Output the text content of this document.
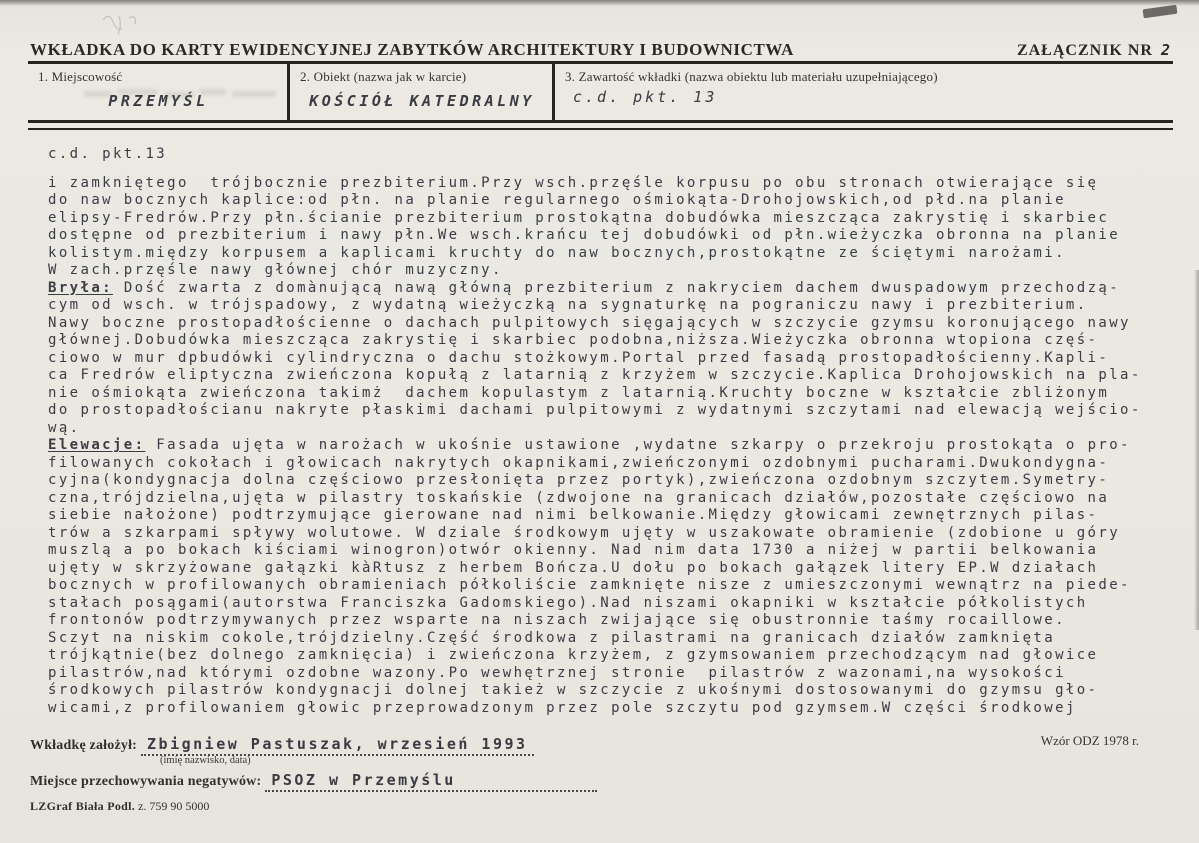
WKŁADKA DO KARTY EWIDENCYJNEJ ZABYTKÓW ARCHITEKTURY I BUDOWNICTWA	ZAŁĄCZNIK NR 2
1. Miejscowość
PRZEMYŚL
2. Obiekt (nazwa jak w karcie)
KOŚCIÓŁ KATEDRALNY
3. Zawartość wkładki (nazwa obiektu lub materiału uzupełniającego)
c.d. pkt. 13
c.d. pkt.13
i zamkniętego  trójbocznie prezbiterium.Przy wsch.przęśle korpusu po obu stronach otwierające się
do naw bocznych kaplice:od płn. na planie regularnego ośmiokąta-Drohojowskich,od płd.na planie
elipsy-Fredrów.Przy płn.ścianie prezbiterium prostokątna dobudówka mieszcząca zakrystię i skarbiec
dostępne od prezbiterium i nawy płn.We wsch.krańcu tej dobudówki od płn.wieżyczka obronna na planie
kolistym.między korpusem a kaplicami kruchty do naw bocznych,prostokątne ze ściętymi narożami.
W zach.przęśle nawy głównej chór muzyczny.
Bryła: Dość zwarta z domànującą nawą główną prezbiterium z nakryciem dachem dwuspadowym przechodzą-
cym od wsch. w trójspadowy, z wydatną wieżyczką na sygnaturkę na pograniczu nawy i prezbiterium.
Nawy boczne prostopadłościenne o dachach pulpitowych sięgających w szczycie gzymsu koronującego nawy
głównej.Dobudówka mieszcząca zakrystię i skarbiec podobna,niższa.Wieżyczka obronna wtopiona częś-
ciowo w mur dpbudówki cylindryczna o dachu stożkowym.Portal przed fasadą prostopadłościenny.Kapli-
ca Fredrów eliptyczna zwieńczona kopułą z latarnią z krzyżem w szczycie.Kaplica Drohojowskich na pla-
nie ośmiokąta zwieńczona takimż  dachem kopulastym z latarnią.Kruchty boczne w kształcie zbliżonym
do prostopadłościanu nakryte płaskimi dachami pulpitowymi z wydatnymi szczytami nad elewacją wejścio-
wą.
Elewacje: Fasada ujęta w narożach w ukośnie ustawione ,wydatne szkarpy o przekroju prostokąta o pro-
filowanych cokołach i głowicach nakrytych okapnikami,zwieńczonymi ozdobnymi pucharami.Dwukondygna-
cyjna(kondygnacja dolna częściowo przesłonięta przez portyk),zwieńczona ozdobnym szczytem.Symetry-
czna,trójdzielna,ujęta w pilastry toskańskie (zdwojone na granicach działów,pozostałe częściowo na
siebie nałożone) podtrzymujące gierowane nad nimi belkowanie.Między głowicami zewnętrznych pilas-
trów a szkarpami spływy wolutowe. W dziale środkowym ujęty w uszakowate obramienie (zdobione u góry
muszlą a po bokach kiściami winogron)otwór okienny. Nad nim data 1730 a niżej w partii belkowania
ujęty w skrzyżowane gałązki kàRtusz z herbem Bończa.U dołu po bokach gałązek litery EP.W działach
bocznych w profilowanych obramieniach półkoliście zamknięte nisze z umieszczonymi wewnątrz na piede-
stałach posągami(autorstwa Franciszka Gadomskiego).Nad niszami okapniki w kształcie półkolistych
frontonów podtrzymywanych przez wsparte na niszach zwijające się obustronnie taśmy rocaillowe.
Sczyt na niskim cokole,trójdzielny.Część środkowa z pilastrami na granicach działów zamknięta
trójkątnie(bez dolnego zamknięcia) i zwieńczona krzyżem, z gzymsowaniem przechodzącym nad głowice
pilastrów,nad którymi ozdobne wazony.Po wewhętrznej stronie  pilastrów z wazonami,na wysokości
środkowych pilastrów kondygnacji dolnej takież w szczycie z ukośnymi dostosowanymi do gzymsu gło-
wicami,z profilowaniem głowic przeprowadzonym przez pole szczytu pod gzymsem.W części środkowej
Wkładkę założył: Zbigniew Pastuszak, wrzesień 1993
(imię nazwisko, data)
Wzór ODZ 1978 r.
Miejsce przechowywania negatywów: PSOZ w Przemyślu
LZGraf Biała Podl. z. 759 90 5000
